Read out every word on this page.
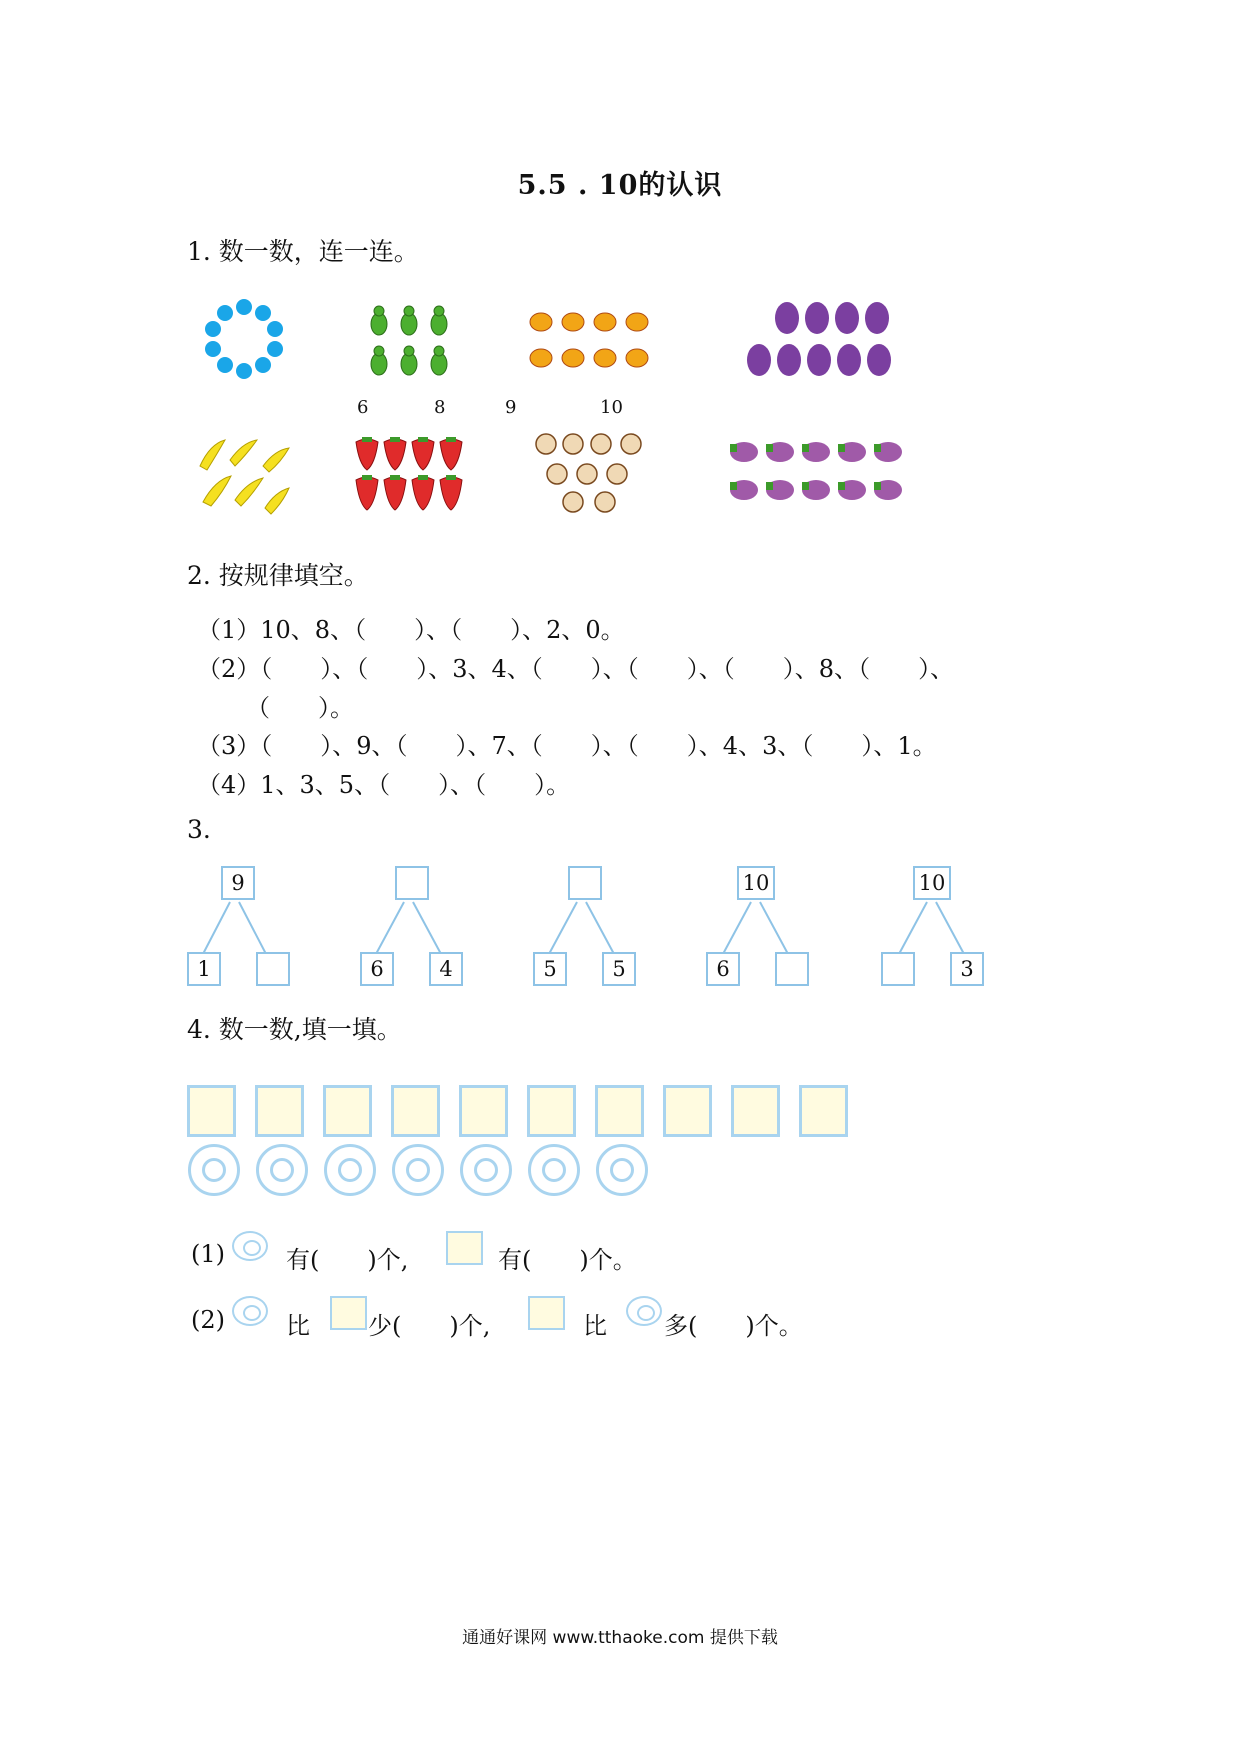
5.5 . 10的认识
1. 数一数，连一连。
6	8	9	10
2. 按规律填空。
（1）10、8、（　　）、（　　）、2、0。
（2）（　　）、（　　）、3、4、（　　）、（　　）、（　　）、8、（　　）、
（　　）。
（3）（　　）、9、（　　）、7、（　　）、（　　）、4、3、（　　）、1。
（4）1、3、5、（　　）、（　　）。
3.
9
1	6	4	5	5
10
6
10
3
4. 数一数,填一填。
(1)	有(　　)个,	有(　　)个。
(2)	比 少(　　)个,	比 多(　　)个。
通通好课网 www.tthaoke.com 提供下载
